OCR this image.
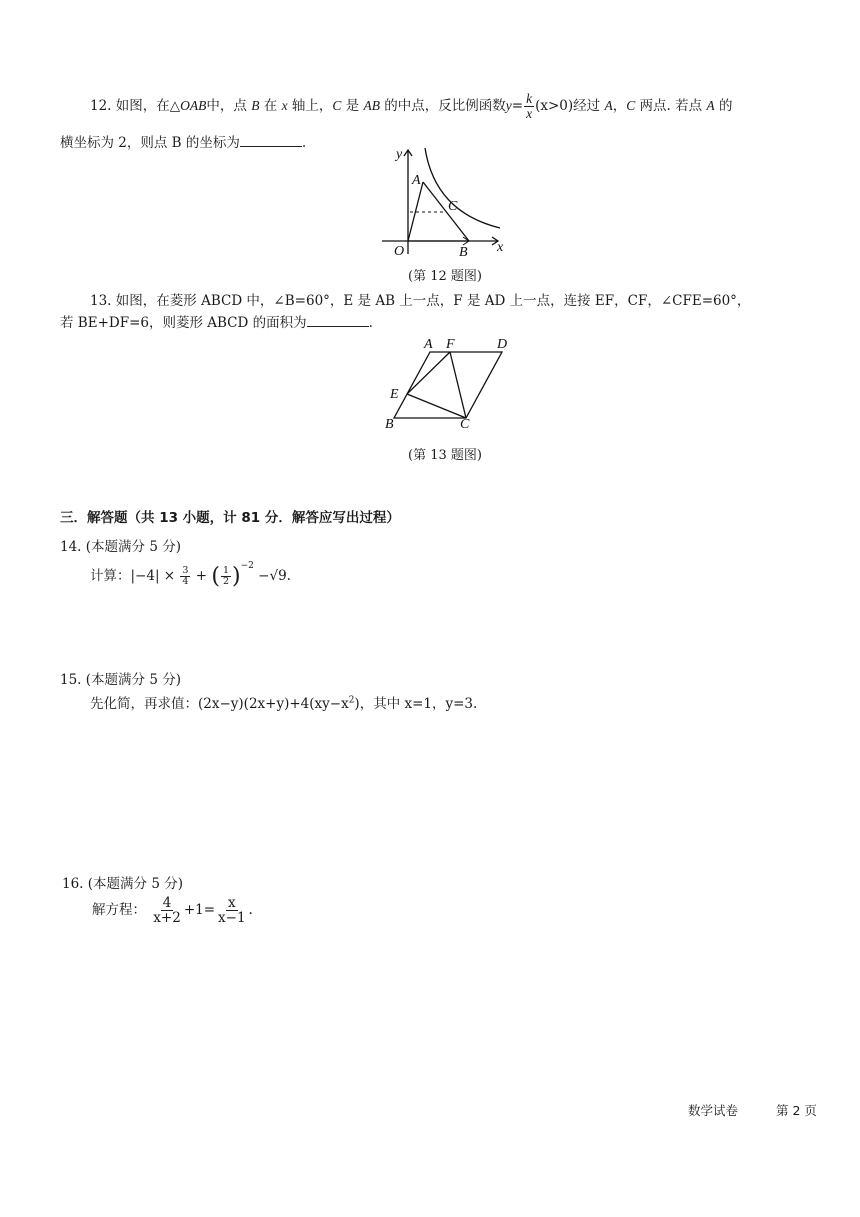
12. 如图，在△OAB中，点 B 在 x 轴上，C 是 AB 的中点，反比例函数$y= \frac{k}{x} (x>0)$经过 A，C 两点. 若点 A 的
横坐标为 2，则点 B 的坐标为	.
y
A
C
O	B x
(第 12 题图)
13. 如图，在菱形 ABCD 中，∠B=60°，E 是 AB 上一点，F 是 AD 上一点，连接 EF，CF，∠CFE=60°，
若 BE+DF=6，则菱形 ABCD 的面积为	.
A F	D
E
B	C
(第 13 题图)
三．解答题（共 13 小题，计 81 分．解答应写出过程）
14. (本题满分 5 分)
计算：$|-4| \times \frac{3}{4}$ + ( $\frac{1}{2} )^{-2} -√9$.
15. (本题满分 5 分)
先化简，再求值：$(2x-y)(2x+y)+4(xy-x^2)$，其中 x=1，y=3.
16. (本题满分 5 分)
解方程： $\frac{4}{x+2} +1= \frac{x}{x-1}$ .
数学试卷	第 2 页
